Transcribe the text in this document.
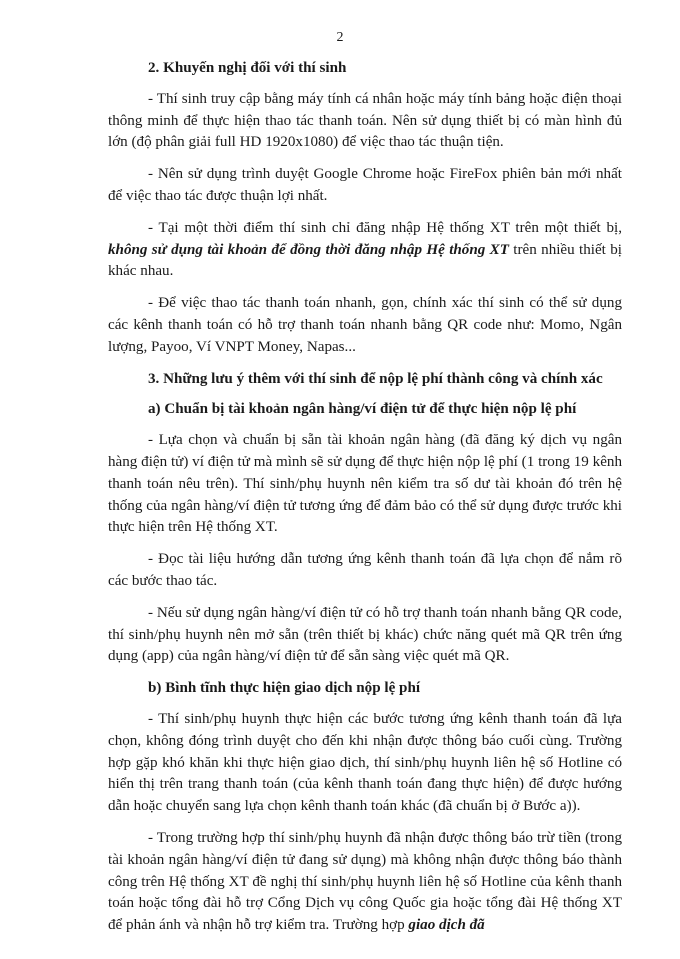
2
2. Khuyến nghị đối với thí sinh

- Thí sinh truy cập bằng máy tính cá nhân hoặc máy tính bảng hoặc điện thoại thông minh để thực hiện thao tác thanh toán. Nên sử dụng thiết bị có màn hình đủ lớn (độ phân giải full HD 1920x1080) để việc thao tác thuận tiện.

- Nên sử dụng trình duyệt Google Chrome hoặc FireFox phiên bản mới nhất để việc thao tác được thuận lợi nhất.

- Tại một thời điểm thí sinh chỉ đăng nhập Hệ thống XT trên một thiết bị, không sử dụng tài khoản để đồng thời đăng nhập Hệ thống XT trên nhiều thiết bị khác nhau.

- Để việc thao tác thanh toán nhanh, gọn, chính xác thí sinh có thể sử dụng các kênh thanh toán có hỗ trợ thanh toán nhanh bằng QR code như: Momo, Ngân lượng, Payoo, Ví VNPT Money, Napas...

3. Những lưu ý thêm với thí sinh để nộp lệ phí thành công và chính xác
a) Chuẩn bị tài khoản ngân hàng/ví điện tử để thực hiện nộp lệ phí

- Lựa chọn và chuẩn bị sẵn tài khoản ngân hàng (đã đăng ký dịch vụ ngân hàng điện tử) ví điện tử mà mình sẽ sử dụng để thực hiện nộp lệ phí (1 trong 19 kênh thanh toán nêu trên). Thí sinh/phụ huynh nên kiểm tra số dư tài khoản đó trên hệ thống của ngân hàng/ví điện tử tương ứng để đảm bảo có thể sử dụng được trước khi thực hiện trên Hệ thống XT.

- Đọc tài liệu hướng dẫn tương ứng kênh thanh toán đã lựa chọn để nắm rõ các bước thao tác.

- Nếu sử dụng ngân hàng/ví điện tử có hỗ trợ thanh toán nhanh bằng QR code, thí sinh/phụ huynh nên mở sẵn (trên thiết bị khác) chức năng quét mã QR trên ứng dụng (app) của ngân hàng/ví điện tử để sẵn sàng việc quét mã QR.

b) Bình tĩnh thực hiện giao dịch nộp lệ phí

- Thí sinh/phụ huynh thực hiện các bước tương ứng kênh thanh toán đã lựa chọn, không đóng trình duyệt cho đến khi nhận được thông báo cuối cùng. Trường hợp gặp khó khăn khi thực hiện giao dịch, thí sinh/phụ huynh liên hệ số Hotline có hiển thị trên trang thanh toán (của kênh thanh toán đang thực hiện) để được hướng dẫn hoặc chuyển sang lựa chọn kênh thanh toán khác (đã chuẩn bị ở Bước a)).

- Trong trường hợp thí sinh/phụ huynh đã nhận được thông báo trừ tiền (trong tài khoản ngân hàng/ví điện tử đang sử dụng) mà không nhận được thông báo thành công trên Hệ thống XT đề nghị thí sinh/phụ huynh liên hệ số Hotline của kênh thanh toán hoặc tổng đài hỗ trợ Cổng Dịch vụ công Quốc gia hoặc tổng đài Hệ thống XT để phản ánh và nhận hỗ trợ kiểm tra. Trường hợp giao dịch đã
